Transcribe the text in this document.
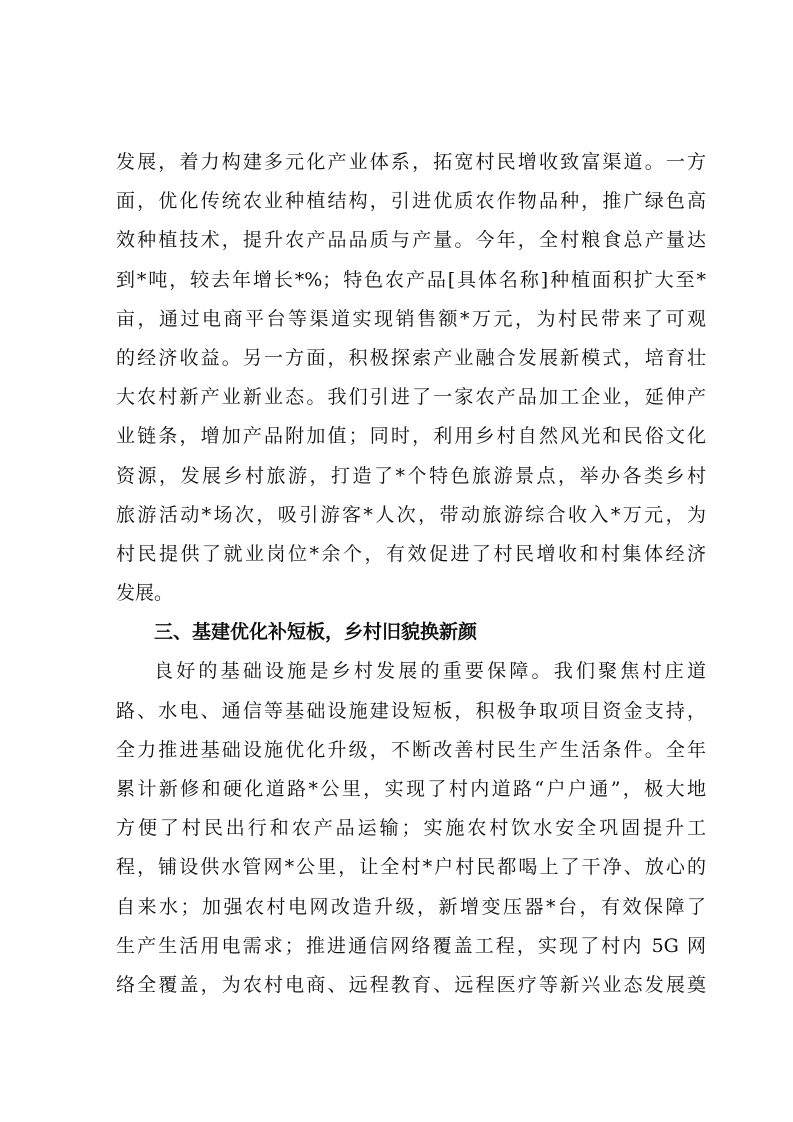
发展，着力构建多元化产业体系，拓宽村民增收致富渠道。一方
面，优化传统农业种植结构，引进优质农作物品种，推广绿色高
效种植技术，提升农产品品质与产量。今年，全村粮食总产量达
到*吨，较去年增长*%；特色农产品[具体名称]种植面积扩大至*
亩，通过电商平台等渠道实现销售额*万元，为村民带来了可观
的经济收益。另一方面，积极探索产业融合发展新模式，培育壮
大农村新产业新业态。我们引进了一家农产品加工企业，延伸产
业链条，增加产品附加值；同时，利用乡村自然风光和民俗文化
资源，发展乡村旅游，打造了*个特色旅游景点，举办各类乡村
旅游活动*场次，吸引游客*人次，带动旅游综合收入*万元，为
村民提供了就业岗位*余个，有效促进了村民增收和村集体经济
发展。
三、基建优化补短板，乡村旧貌换新颜
良好的基础设施是乡村发展的重要保障。我们聚焦村庄道
路、水电、通信等基础设施建设短板，积极争取项目资金支持，
全力推进基础设施优化升级，不断改善村民生产生活条件。全年
累计新修和硬化道路*公里，实现了村内道路“户户通”，极大地
方便了村民出行和农产品运输；实施农村饮水安全巩固提升工
程，铺设供水管网*公里，让全村*户村民都喝上了干净、放心的
自来水；加强农村电网改造升级，新增变压器*台，有效保障了
生产生活用电需求；推进通信网络覆盖工程，实现了村内 5G 网
络全覆盖，为农村电商、远程教育、远程医疗等新兴业态发展奠
